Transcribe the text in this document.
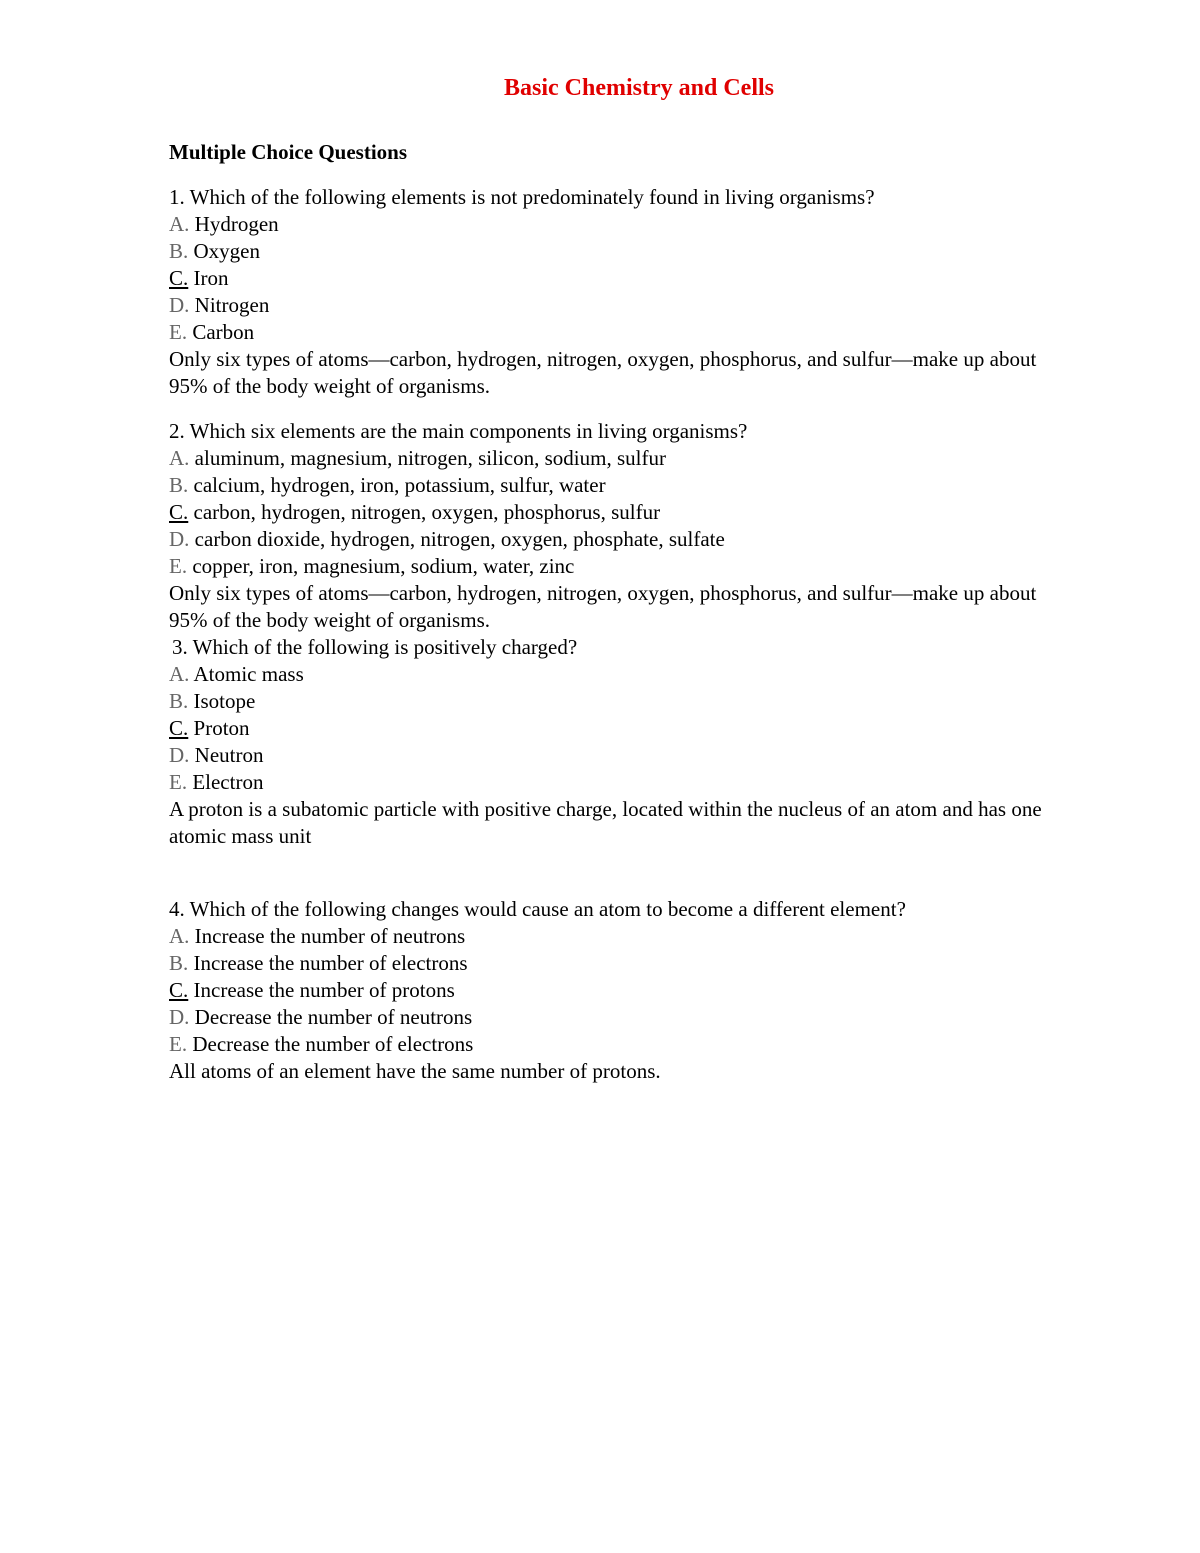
Basic Chemistry and Cells
Multiple Choice Questions
1. Which of the following elements is not predominately found in living organisms?
A. Hydrogen
B. Oxygen
C. Iron
D. Nitrogen
E. Carbon
Only six types of atoms—carbon, hydrogen, nitrogen, oxygen, phosphorus, and sulfur—make up about 95% of the body weight of organisms.
2. Which six elements are the main components in living organisms?
A. aluminum, magnesium, nitrogen, silicon, sodium, sulfur
B. calcium, hydrogen, iron, potassium, sulfur, water
C. carbon, hydrogen, nitrogen, oxygen, phosphorus, sulfur
D. carbon dioxide, hydrogen, nitrogen, oxygen, phosphate, sulfate
E. copper, iron, magnesium, sodium, water, zinc
Only six types of atoms—carbon, hydrogen, nitrogen, oxygen, phosphorus, and sulfur—make up about 95% of the body weight of organisms.
3. Which of the following is positively charged?
A. Atomic mass
B. Isotope
C. Proton
D. Neutron
E. Electron
A proton is a subatomic particle with positive charge, located within the nucleus of an atom and has one atomic mass unit
4. Which of the following changes would cause an atom to become a different element?
A. Increase the number of neutrons
B. Increase the number of electrons
C. Increase the number of protons
D. Decrease the number of neutrons
E. Decrease the number of electrons
All atoms of an element have the same number of protons.
